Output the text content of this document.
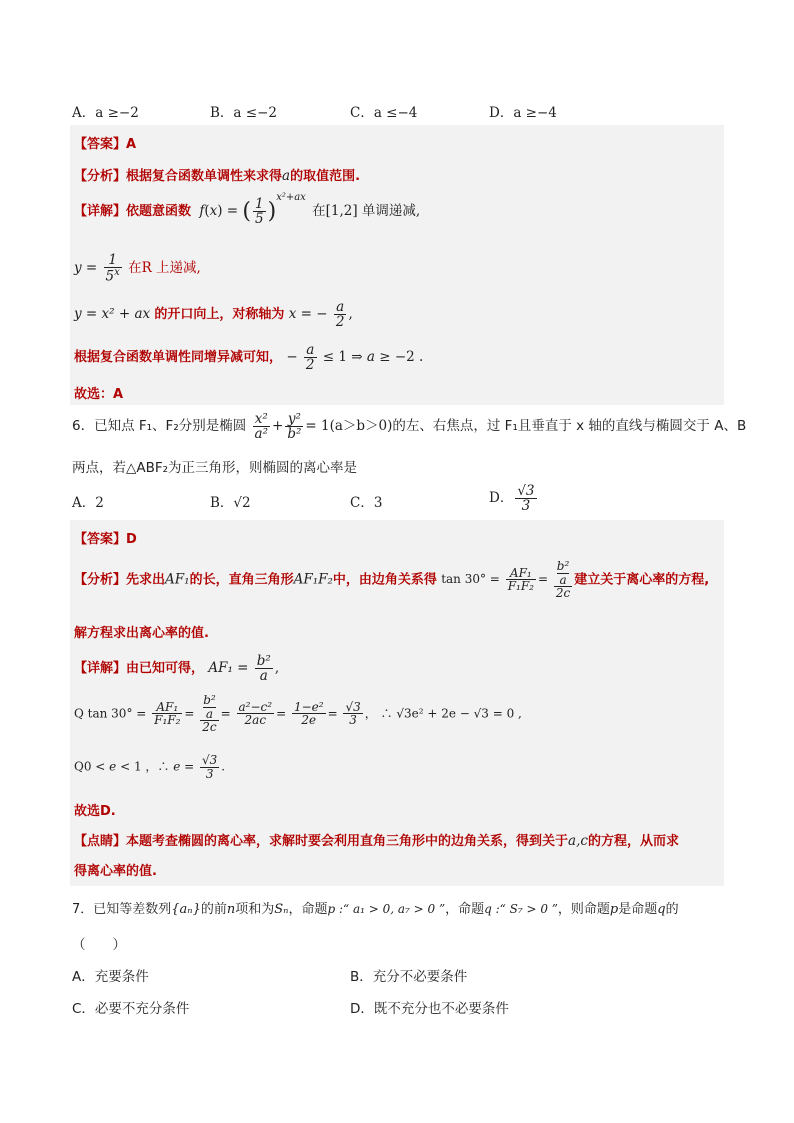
A．a ≥−2	B．a ≤−2	C．a ≤−4	D．a ≥−4
【答案】A
【分析】根据复合函数单调性来求得a的取值范围.
【详解】依题意函数 f(x) = ( $\frac{1}{5} )^{x^2+ax}$ 在[1,2] 单调递减,
$y = \frac{1}{5^x}$ 在R 上递减,
y = x² + ax 的开口向上，对称轴为 x = − $\frac{a}{2}$ ,
根据复合函数单调性同增异减可知， − $\frac{a}{2} \le 1$ ⇒ a ≥ −2 .
故选：A
6．已知点 F₁、F₂分别是椭圆 $\frac{\text{x²}}{\text{a²}} + \frac{\text{y²}}{\text{b²}} = 1(a>b>0)$的左、右焦点，过 F₁且垂直于 x 轴的直线与椭圆交于 A、B
两点，若△ABF₂为正三角形，则椭圆的离心率是
A．2	B．√2	C．3	D． $\frac{√3}{3}$
【答案】D
【分析】先求出AF₁的长，直角三角形AF₁F₂中，由边角关系得 $\tan 30^\circ = \frac{\text{AF₁}}{\text{F₁F₂}}$ =
b²
a
2c
建立关于离心率的方程,
解方程求出离心率的值.
【详解】由已知可得， $AF_1 = \frac{\text{b²}}{a}$ ,
Q $\tan 30^\circ = \frac{\text{AF₁}}{\text{F₁F₂}}$ =
b²
a
2c
= $\frac{\text{a²−c²}}{2ac} = \frac{\text{1−e²}}{2e} = \frac{√3}{3}$ ， ∴ √3e² + 2e − √3 = 0 ,
Q0 < e < 1 ，∴ $e = \frac{√3}{3}$ .
故选D.
【点睛】本题考查椭圆的离心率，求解时要会利用直角三角形中的边角关系，得到关于a,c的方程，从而求
得离心率的值.
7．已知等差数列{aₙ}的前n项和为Sₙ，命题p :“ a₁ > 0, a₇ > 0 ”，命题q :“ S₇ > 0 ”，则命题p是命题q的
（　　）
A．充要条件	B．充分不必要条件
C．必要不充分条件	D．既不充分也不必要条件
